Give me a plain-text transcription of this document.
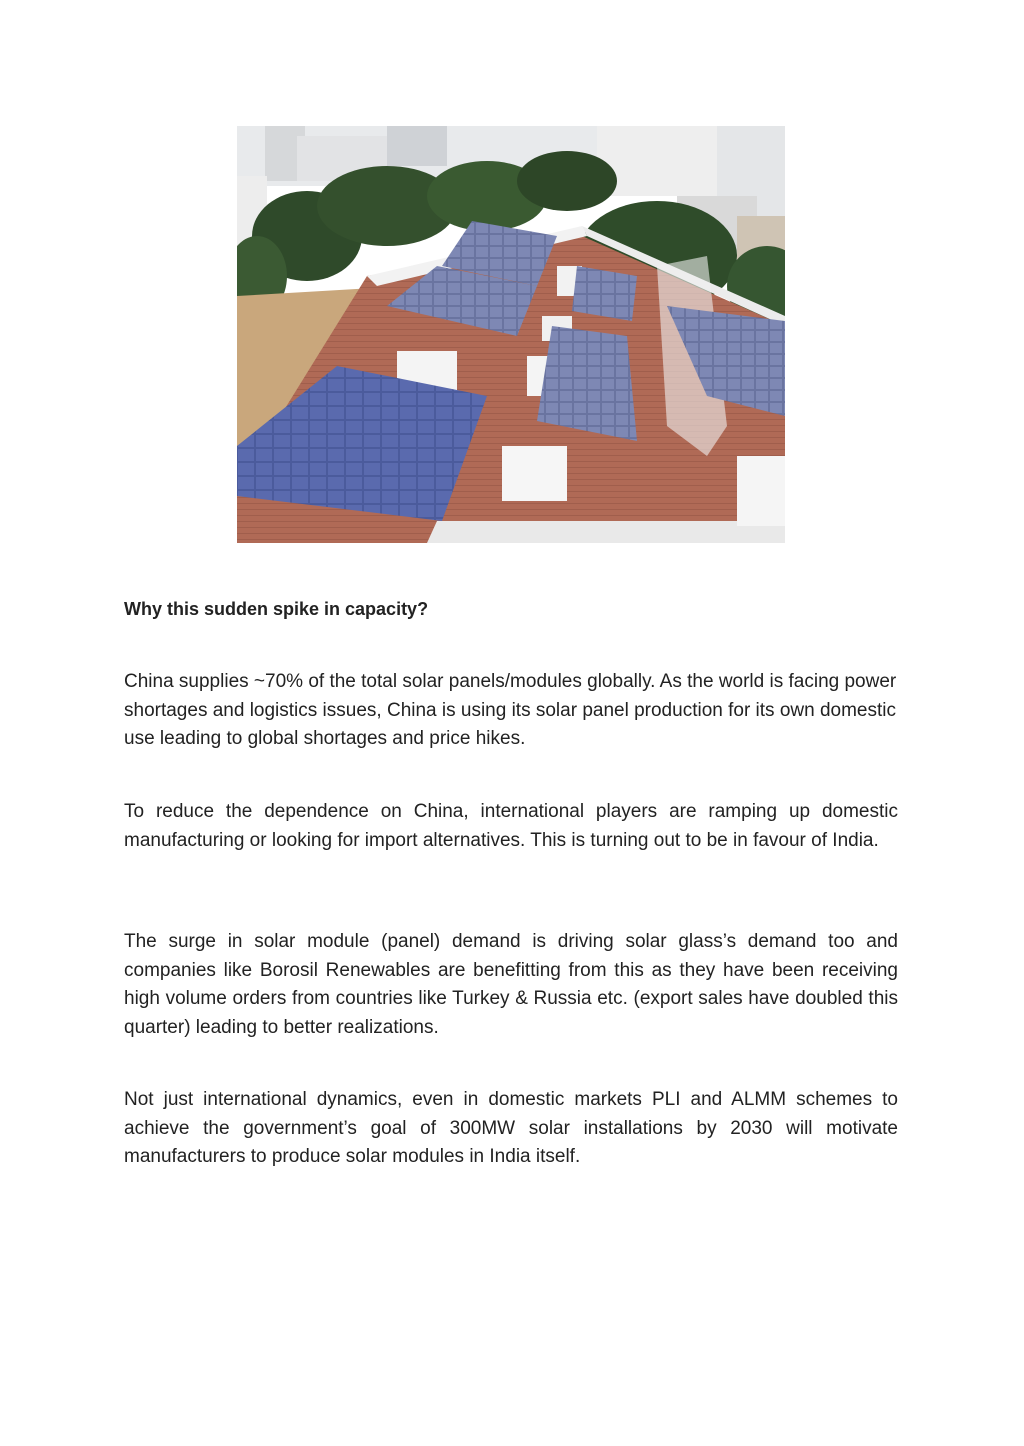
Why this sudden spike in capacity?

China supplies ~70% of the total solar panels/modules globally. As the world is facing power shortages and logistics issues, China is using its solar panel production for its own domestic use leading to global shortages and price hikes.

To reduce the dependence on China, international players are ramping up domestic manufacturing or looking for import alternatives. This is turning out to be in favour of India.

The surge in solar module (panel) demand is driving solar glass’s demand too and companies like Borosil Renewables are benefitting from this as they have been receiving high volume orders from countries like Turkey & Russia etc. (export sales have doubled this quarter) leading to better realizations.

Not just international dynamics, even in domestic markets PLI and ALMM schemes to achieve the government’s goal of 300MW solar installations by 2030 will motivate manufacturers to produce solar modules in India itself.
